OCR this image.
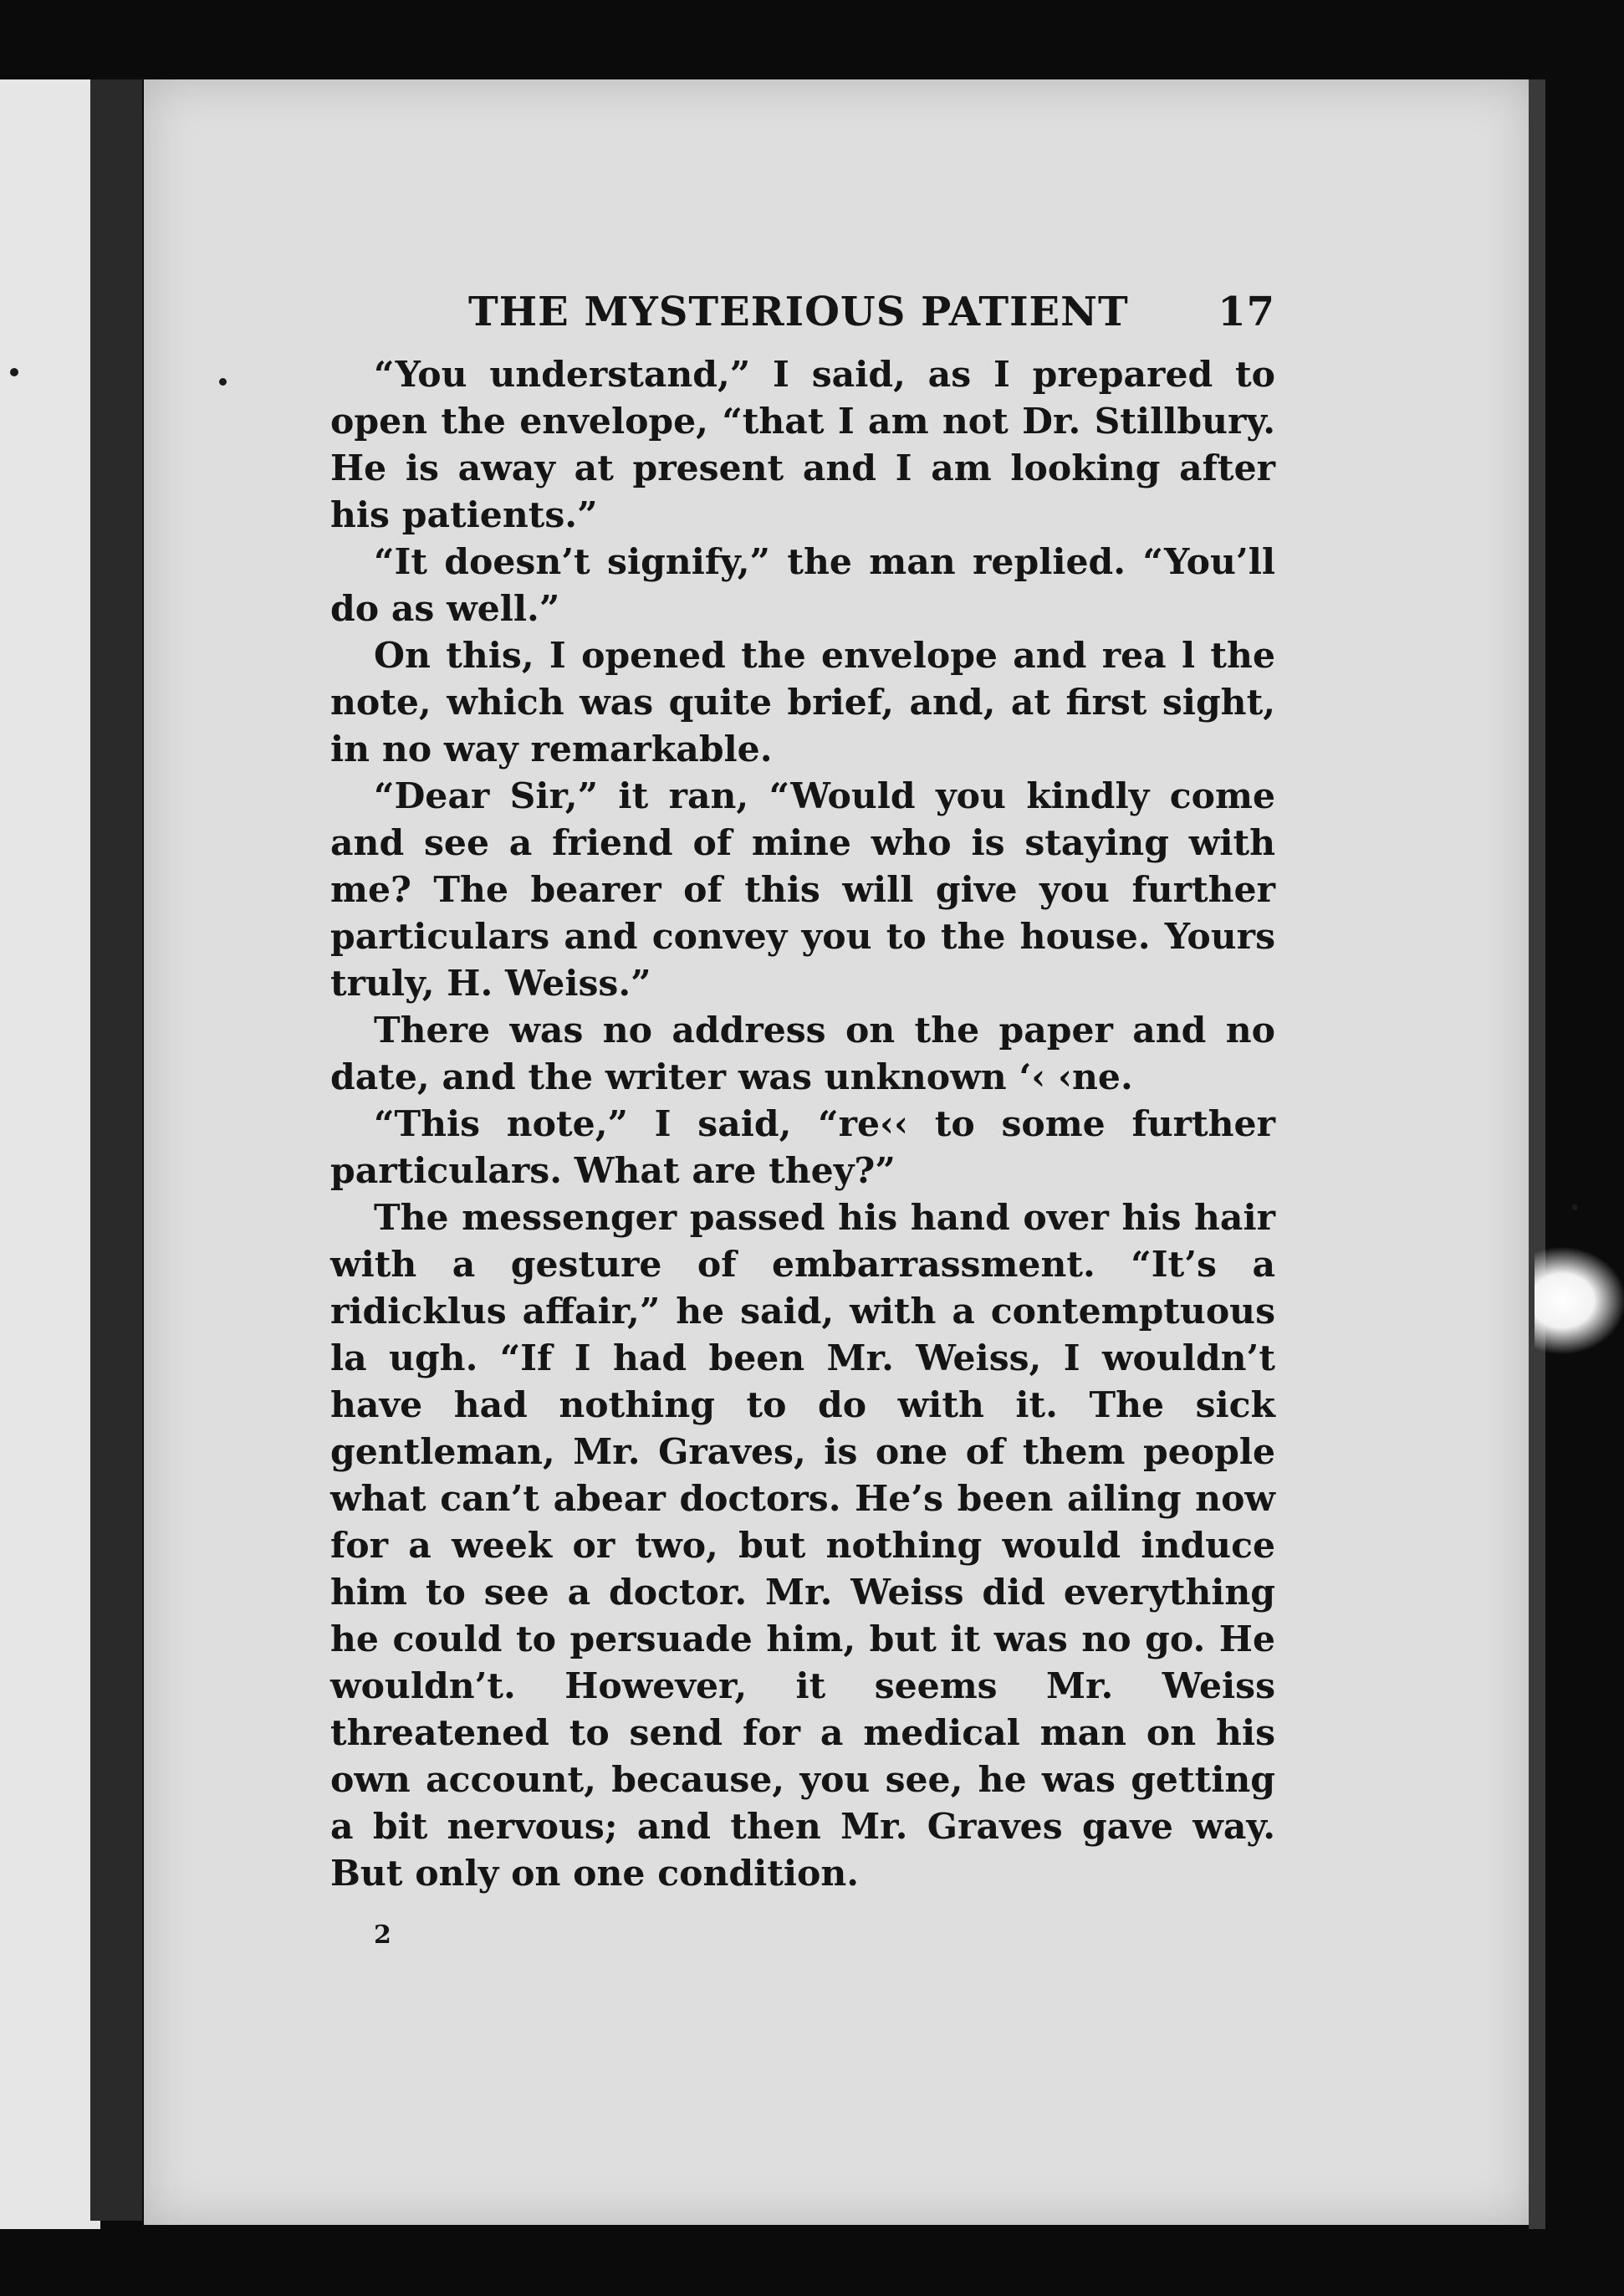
THE MYSTERIOUS PATIENT 17

“You understand,” I said, as I prepared to open the envelope, “that I am not Dr. Stillbury. He is away at present and I am looking after his patients.”

“It doesn’t signify,” the man replied. “You’ll do as well.”

On this, I opened the envelope and rea l the note, which was quite brief, and, at first sight, in no way remarkable.

“Dear Sir,” it ran, “Would you kindly come and see a friend of mine who is staying with me? The bearer of this will give you further particulars and convey you to the house. Yours truly, H. Weiss.”

There was no address on the paper and no date, and the writer was unknown ‘‹ ‹ne.

“This note,” I said, “re‹‹ to some further particulars. What are they?”

The messenger passed his hand over his hair with a gesture of embarrassment. “It’s a ridicklus affair,” he said, with a contemptuous la ugh. “If I had been Mr. Weiss, I wouldn’t have had nothing to do with it. The sick gentleman, Mr. Graves, is one of them people what can’t abear doctors. He’s been ailing now for a week or two, but nothing would induce him to see a doctor. Mr. Weiss did everything he could to persuade him, but it was no go. He wouldn’t. However, it seems Mr. Weiss threatened to send for a medical man on his own account, because, you see, he was getting a bit nervous; and then Mr. Graves gave way. But only on one condition.

2
